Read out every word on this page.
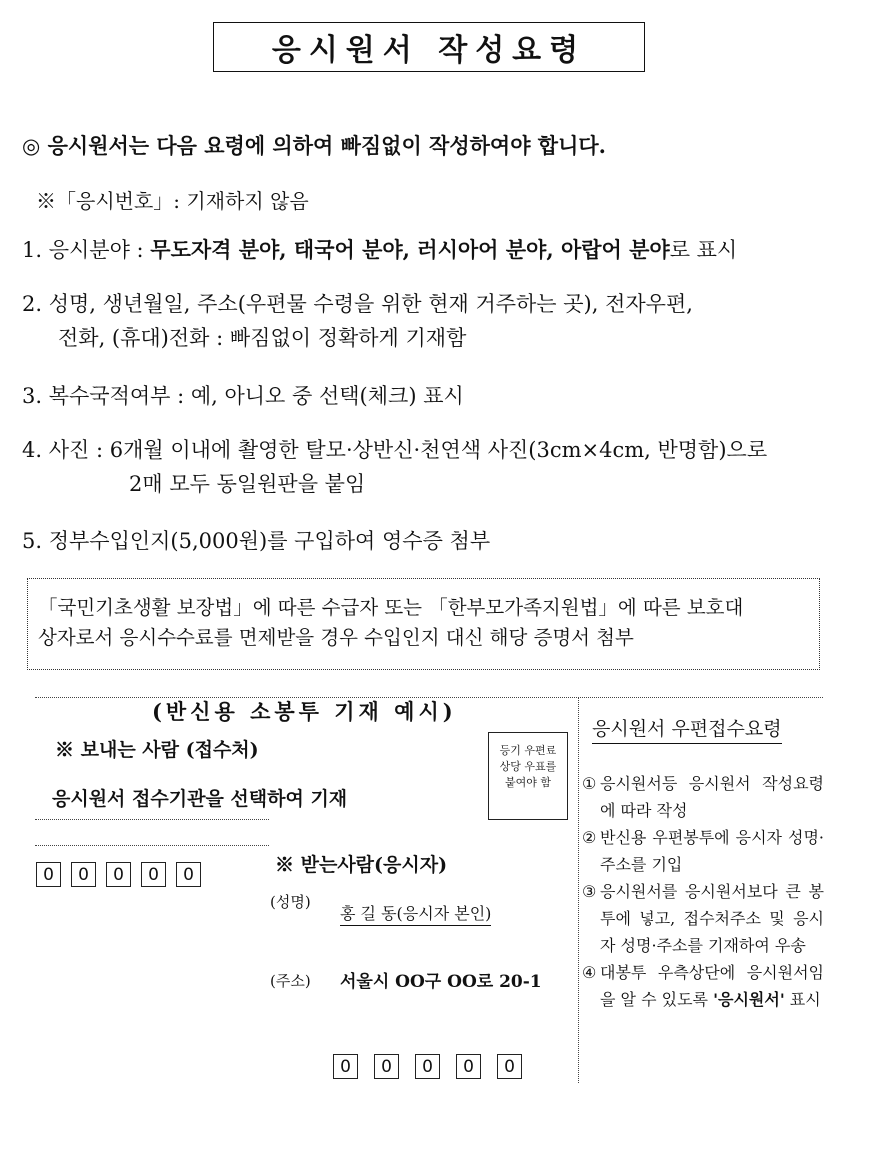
응시원서 작성요령
◎ 응시원서는 다음 요령에 의하여 빠짐없이 작성하여야 합니다.
※「응시번호」: 기재하지 않음
1. 응시분야 : 무도자격 분야, 태국어 분야, 러시아어 분야, 아랍어 분야로 표시
2. 성명, 생년월일, 주소(우편물 수령을 위한 현재 거주하는 곳), 전자우편,
전화, (휴대)전화 : 빠짐없이 정확하게 기재함
3. 복수국적여부 : 예, 아니오 중 선택(체크) 표시
4. 사진 : 6개월 이내에 촬영한 탈모·상반신·천연색 사진(3cm×4cm, 반명함)으로
2매 모두 동일원판을 붙임
5. 정부수입인지(5,000원)를 구입하여 영수증 첨부
「국민기초생활 보장법」에 따른 수급자 또는 「한부모가족지원법」에 따른 보호대
상자로서 응시수수료를 면제받을 경우 수입인지 대신 해당 증명서 첨부
(반신용 소봉투 기재 예시)
※ 보내는 사람 (접수처)
응시원서 접수기관을 선택하여 기재
등기 우편료
상당 우표를
붙여야 함
0	0	0	0	0	※ 받는사람(응시자)
(성명)
홍 길 동(응시자 본인)
(주소) 서울시 OO구 OO로 20-1
0	0	0	0	0
응시원서 우편접수요령
① 응시원서등 응시원서 작성요령에 따라 작성
② 반신용 우편봉투에 응시자 성명·주소를 기입
③ 응시원서를 응시원서보다 큰 봉투에 넣고, 접수처주소 및 응시자 성명·주소를 기재하여 우송
④ 대봉투 우측상단에 응시원서임을 알 수 있도록 '응시원서' 표시
